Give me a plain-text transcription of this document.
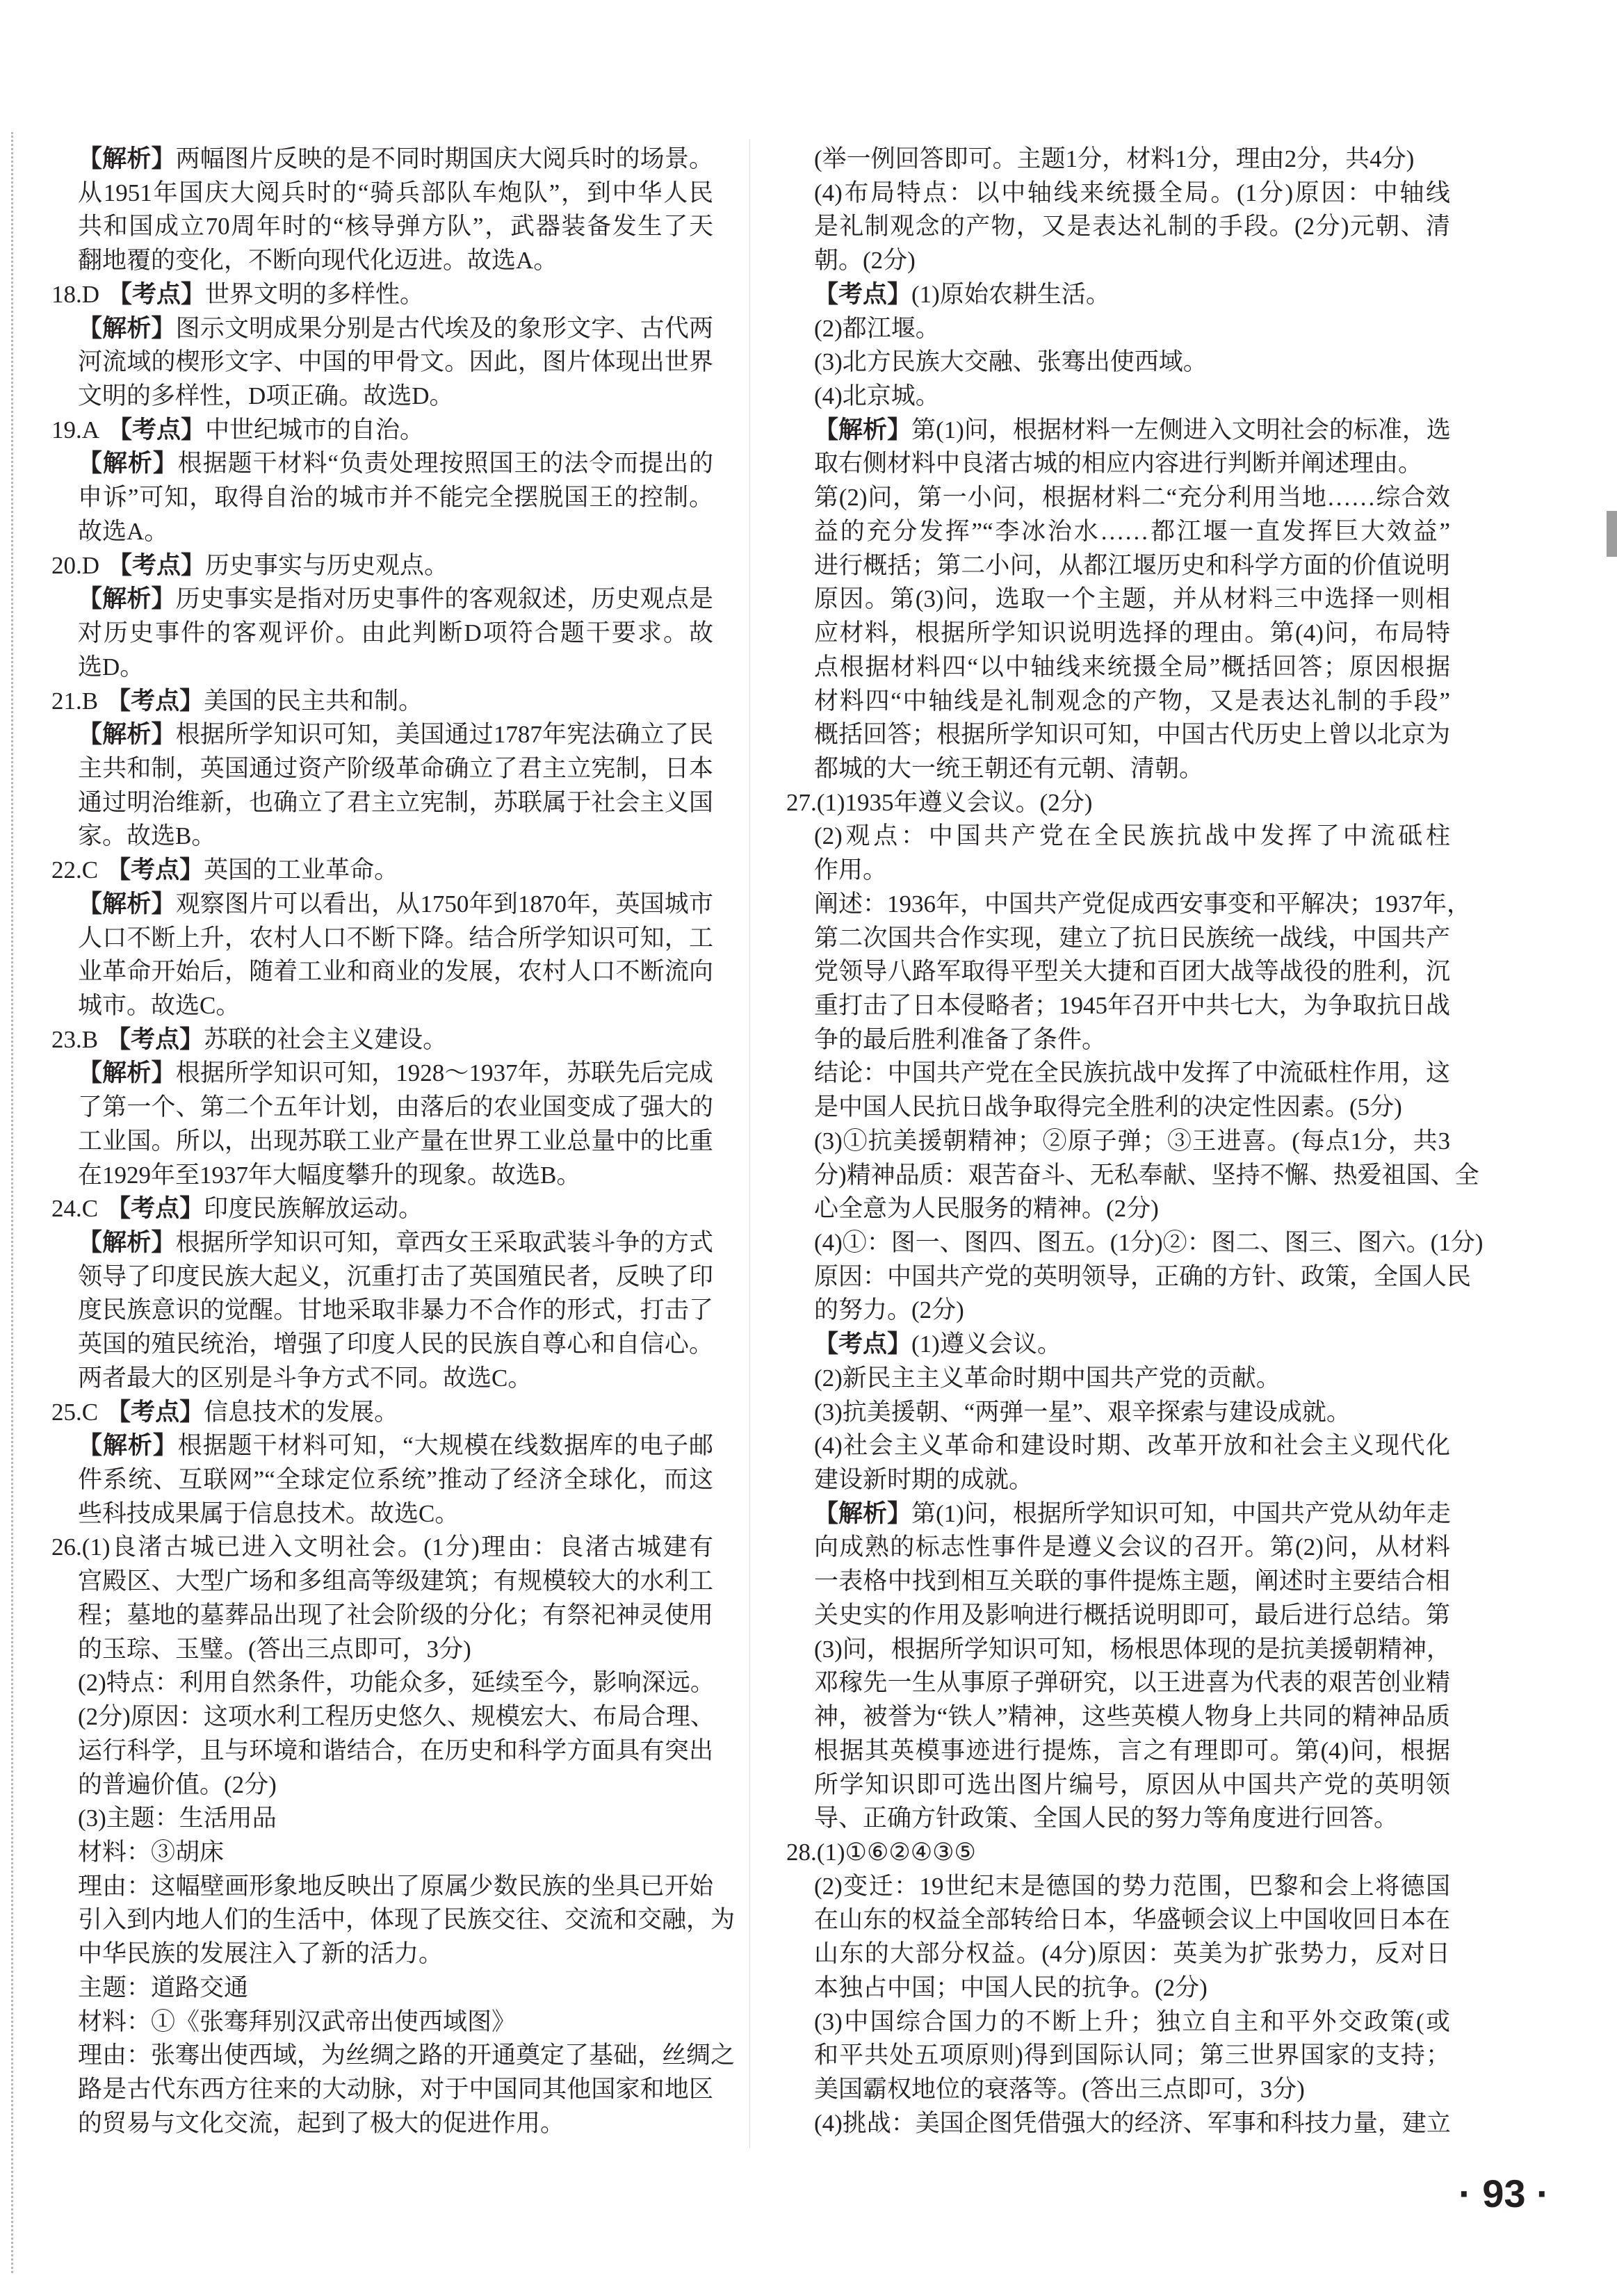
【解析】两幅图片反映的是不同时期国庆大阅兵时的场景。
从1951年国庆大阅兵时的“骑兵部队车炮队”，到中华人民
共和国成立70周年时的“核导弹方队”，武器装备发生了天
翻地覆的变化，不断向现代化迈进。故选A。
18.D 【考点】世界文明的多样性。
【解析】图示文明成果分别是古代埃及的象形文字、古代两
河流域的楔形文字、中国的甲骨文。因此，图片体现出世界
文明的多样性，D项正确。故选D。
19.A 【考点】中世纪城市的自治。
【解析】根据题干材料“负责处理按照国王的法令而提出的
申诉”可知，取得自治的城市并不能完全摆脱国王的控制。
故选A。
20.D 【考点】历史事实与历史观点。
【解析】历史事实是指对历史事件的客观叙述，历史观点是
对历史事件的客观评价。由此判断D项符合题干要求。故
选D。
21.B 【考点】美国的民主共和制。
【解析】根据所学知识可知，美国通过1787年宪法确立了民
主共和制，英国通过资产阶级革命确立了君主立宪制，日本
通过明治维新，也确立了君主立宪制，苏联属于社会主义国
家。故选B。
22.C 【考点】英国的工业革命。
【解析】观察图片可以看出，从1750年到1870年，英国城市
人口不断上升，农村人口不断下降。结合所学知识可知，工
业革命开始后，随着工业和商业的发展，农村人口不断流向
城市。故选C。
23.B 【考点】苏联的社会主义建设。
【解析】根据所学知识可知，1928～1937年，苏联先后完成
了第一个、第二个五年计划，由落后的农业国变成了强大的
工业国。所以，出现苏联工业产量在世界工业总量中的比重
在1929年至1937年大幅度攀升的现象。故选B。
24.C 【考点】印度民族解放运动。
【解析】根据所学知识可知，章西女王采取武装斗争的方式
领导了印度民族大起义，沉重打击了英国殖民者，反映了印
度民族意识的觉醒。甘地采取非暴力不合作的形式，打击了
英国的殖民统治，增强了印度人民的民族自尊心和自信心。
两者最大的区别是斗争方式不同。故选C。
25.C 【考点】信息技术的发展。
【解析】根据题干材料可知，“大规模在线数据库的电子邮
件系统、互联网”“全球定位系统”推动了经济全球化，而这
些科技成果属于信息技术。故选C。
26.(1)良渚古城已进入文明社会。(1分)理由：良渚古城建有
宫殿区、大型广场和多组高等级建筑；有规模较大的水利工
程；墓地的墓葬品出现了社会阶级的分化；有祭祀神灵使用
的玉琮、玉璧。(答出三点即可，3分)
(2)特点：利用自然条件，功能众多，延续至今，影响深远。
(2分)原因：这项水利工程历史悠久、规模宏大、布局合理、
运行科学，且与环境和谐结合，在历史和科学方面具有突出
的普遍价值。(2分)
(3)主题：生活用品
材料：③胡床
理由：这幅壁画形象地反映出了原属少数民族的坐具已开始
引入到内地人们的生活中，体现了民族交往、交流和交融，为
中华民族的发展注入了新的活力。
主题：道路交通
材料：①《张骞拜别汉武帝出使西域图》
理由：张骞出使西域，为丝绸之路的开通奠定了基础，丝绸之
路是古代东西方往来的大动脉，对于中国同其他国家和地区
的贸易与文化交流，起到了极大的促进作用。
(举一例回答即可。主题1分，材料1分，理由2分，共4分)
(4)布局特点：以中轴线来统摄全局。(1分)原因：中轴线
是礼制观念的产物，又是表达礼制的手段。(2分)元朝、清
朝。(2分)
【考点】(1)原始农耕生活。
(2)都江堰。
(3)北方民族大交融、张骞出使西域。
(4)北京城。
【解析】第(1)问，根据材料一左侧进入文明社会的标准，选
取右侧材料中良渚古城的相应内容进行判断并阐述理由。
第(2)问，第一小问，根据材料二“充分利用当地……综合效
益的充分发挥”“李冰治水……都江堰一直发挥巨大效益”
进行概括；第二小问，从都江堰历史和科学方面的价值说明
原因。第(3)问，选取一个主题，并从材料三中选择一则相
应材料，根据所学知识说明选择的理由。第(4)问，布局特
点根据材料四“以中轴线来统摄全局”概括回答；原因根据
材料四“中轴线是礼制观念的产物，又是表达礼制的手段”
概括回答；根据所学知识可知，中国古代历史上曾以北京为
都城的大一统王朝还有元朝、清朝。
27.(1)1935年遵义会议。(2分)
(2)观点：中国共产党在全民族抗战中发挥了中流砥柱
作用。
阐述：1936年，中国共产党促成西安事变和平解决；1937年，
第二次国共合作实现，建立了抗日民族统一战线，中国共产
党领导八路军取得平型关大捷和百团大战等战役的胜利，沉
重打击了日本侵略者；1945年召开中共七大，为争取抗日战
争的最后胜利准备了条件。
结论：中国共产党在全民族抗战中发挥了中流砥柱作用，这
是中国人民抗日战争取得完全胜利的决定性因素。(5分)
(3)①抗美援朝精神；②原子弹；③王进喜。(每点1分，共3
分)精神品质：艰苦奋斗、无私奉献、坚持不懈、热爱祖国、全
心全意为人民服务的精神。(2分)
(4)①：图一、图四、图五。(1分)②：图二、图三、图六。(1分)
原因：中国共产党的英明领导，正确的方针、政策，全国人民
的努力。(2分)
【考点】(1)遵义会议。
(2)新民主主义革命时期中国共产党的贡献。
(3)抗美援朝、“两弹一星”、艰辛探索与建设成就。
(4)社会主义革命和建设时期、改革开放和社会主义现代化
建设新时期的成就。
【解析】第(1)问，根据所学知识可知，中国共产党从幼年走
向成熟的标志性事件是遵义会议的召开。第(2)问，从材料
一表格中找到相互关联的事件提炼主题，阐述时主要结合相
关史实的作用及影响进行概括说明即可，最后进行总结。第
(3)问，根据所学知识可知，杨根思体现的是抗美援朝精神，
邓稼先一生从事原子弹研究，以王进喜为代表的艰苦创业精
神，被誉为“铁人”精神，这些英模人物身上共同的精神品质
根据其英模事迹进行提炼，言之有理即可。第(4)问，根据
所学知识即可选出图片编号，原因从中国共产党的英明领
导、正确方针政策、全国人民的努力等角度进行回答。
28.(1)①⑥②④③⑤
(2)变迁：19世纪末是德国的势力范围，巴黎和会上将德国
在山东的权益全部转给日本，华盛顿会议上中国收回日本在
山东的大部分权益。(4分)原因：英美为扩张势力，反对日
本独占中国；中国人民的抗争。(2分)
(3)中国综合国力的不断上升；独立自主和平外交政策(或
和平共处五项原则)得到国际认同；第三世界国家的支持；
美国霸权地位的衰落等。(答出三点即可，3分)
(4)挑战：美国企图凭借强大的经济、军事和科技力量，建立
· 93 ·
